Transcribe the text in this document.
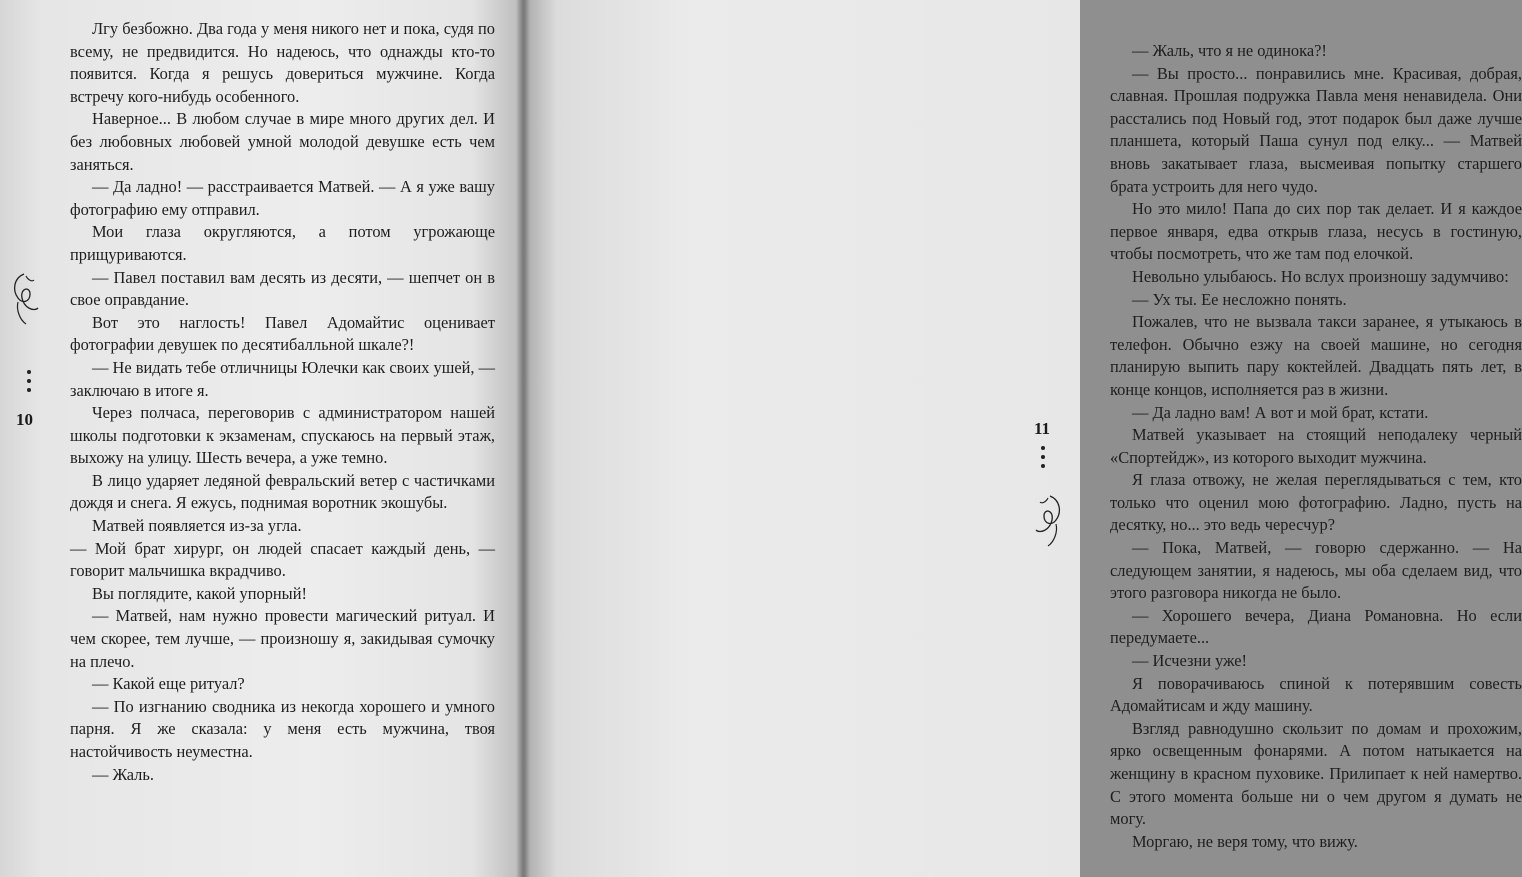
10

Лгу безбожно. Два года у меня никого нет и пока, судя по всему, не предвидится. Но надеюсь, что однажды кто-то появится. Когда я решусь довериться мужчине. Когда встречу кого-нибудь особенного.

Наверное... В любом случае в мире много других дел. И без любовных любовей умной молодой девушке есть чем заняться.

— Да ладно! — расстраивается Матвей. — А я уже вашу фотографию ему отправил.

Мои глаза округляются, а потом угрожающе прищуриваются.

— Павел поставил вам десять из десяти, — шепчет он в свое оправдание.

Вот это наглость! Павел Адомайтис оценивает фотографии девушек по десятибалльной шкале?!

— Не видать тебе отличницы Юлечки как своих ушей, — заключаю в итоге я.

Через полчаса, переговорив с администратором нашей школы подготовки к экзаменам, спускаюсь на первый этаж, выхожу на улицу. Шесть вечера, а уже темно.

В лицо ударяет ледяной февральский ветер с частичками дождя и снега. Я ежусь, поднимая воротник экошубы.

Матвей появляется из-за угла.

— Мой брат хирург, он людей спасает каждый день, — говорит мальчишка вкрадчиво.

Вы поглядите, какой упорный!

— Матвей, нам нужно провести магический ритуал. И чем скорее, тем лучше, — произношу я, закидывая сумочку на плечо.

— Какой еще ритуал?

— По изгнанию сводника из некогда хорошего и умного парня. Я же сказала: у меня есть мужчина, твоя настойчивость неуместна.

— Жаль.

— Жаль, что я не одинока?!

— Вы просто... понравились мне. Красивая, добрая, славная. Прошлая подружка Павла меня ненавидела. Они расстались под Новый год, этот подарок был даже лучше планшета, который Паша сунул под елку... — Матвей вновь закатывает глаза, высмеивая попытку старшего брата устроить для него чудо.

Но это мило! Папа до сих пор так делает. И я каждое первое января, едва открыв глаза, несусь в гостиную, чтобы посмотреть, что же там под елочкой.

Невольно улыбаюсь. Но вслух произношу задумчиво:

— Ух ты. Ее несложно понять.

Пожалев, что не вызвала такси заранее, я утыкаюсь в телефон. Обычно езжу на своей машине, но сегодня планирую выпить пару коктейлей. Двадцать пять лет, в конце концов, исполняется раз в жизни.

— Да ладно вам! А вот и мой брат, кстати.

Матвей указывает на стоящий неподалеку черный «Спортейдж», из которого выходит мужчина.

Я глаза отвожу, не желая переглядываться с тем, кто только что оценил мою фотографию. Ладно, пусть на десятку, но... это ведь чересчур?

— Пока, Матвей, — говорю сдержанно. — На следующем занятии, я надеюсь, мы оба сделаем вид, что этого разговора никогда не было.

— Хорошего вечера, Диана Романовна. Но если передумаете...

— Исчезни уже!

Я поворачиваюсь спиной к потерявшим совесть Адомайтисам и жду машину.

Взгляд равнодушно скользит по домам и прохожим, ярко освещенным фонарями. А потом натыкается на женщину в красном пуховике. Прилипает к ней намертво. С этого момента больше ни о чем другом я думать не могу.

Моргаю, не веря тому, что вижу.

11
